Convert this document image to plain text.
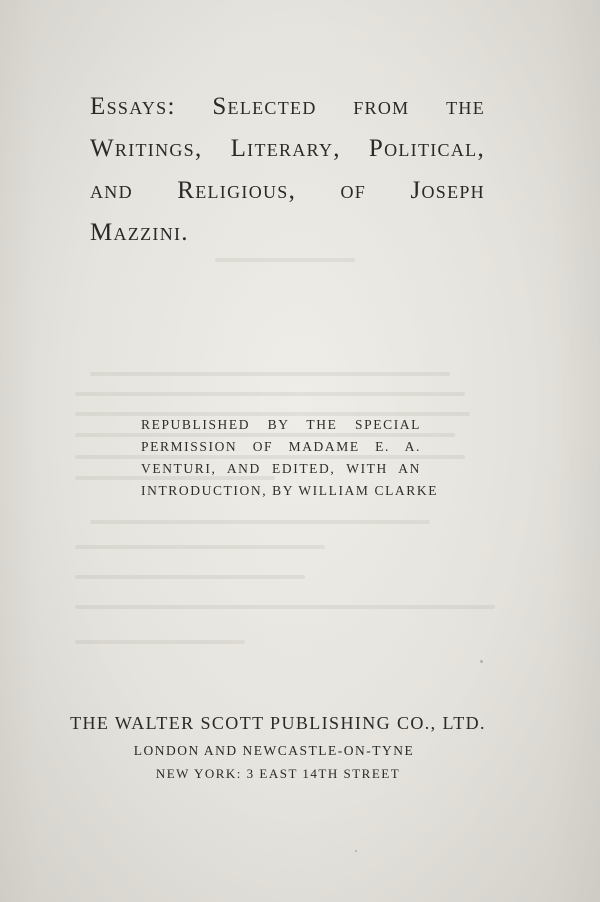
Essays: Selected from the
Writings, Literary, Political,
and Religious, of Joseph
Mazzini.
REPUBLISHED BY THE SPECIAL
PERMISSION OF MADAME E. A.
VENTURI, AND EDITED, WITH AN
INTRODUCTION, BY WILLIAM CLARKE
THE WALTER SCOTT PUBLISHING CO., LTD.
LONDON AND NEWCASTLE-ON-TYNE
NEW YORK: 3 EAST 14TH STREET
